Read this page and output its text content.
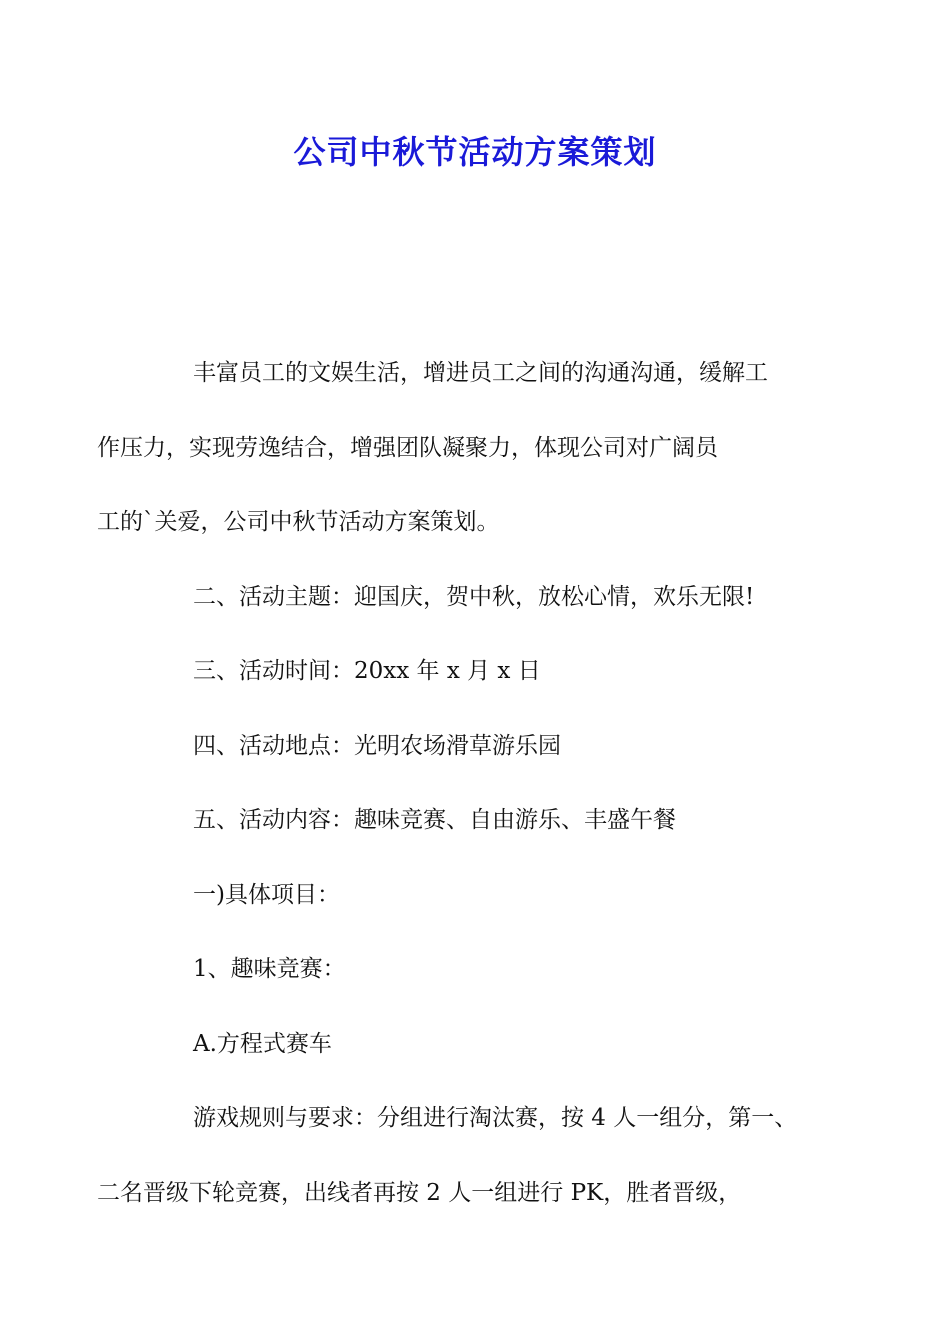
公司中秋节活动方案策划
丰富员工的文娱生活，增进员工之间的沟通沟通，缓解工
作压力，实现劳逸结合，增强团队凝聚力，体现公司对广阔员
工的`关爱，公司中秋节活动方案策划。

二、活动主题：迎国庆，贺中秋，放松心情，欢乐无限!

三、活动时间：20xx 年 x 月 x 日

四、活动地点：光明农场滑草游乐园

五、活动内容：趣味竞赛、自由游乐、丰盛午餐

一)具体项目：

1、趣味竞赛：

A.方程式赛车

游戏规则与要求：分组进行淘汰赛，按 4 人一组分，第一、
二名晋级下轮竞赛，出线者再按 2 人一组进行 PK，胜者晋级，
